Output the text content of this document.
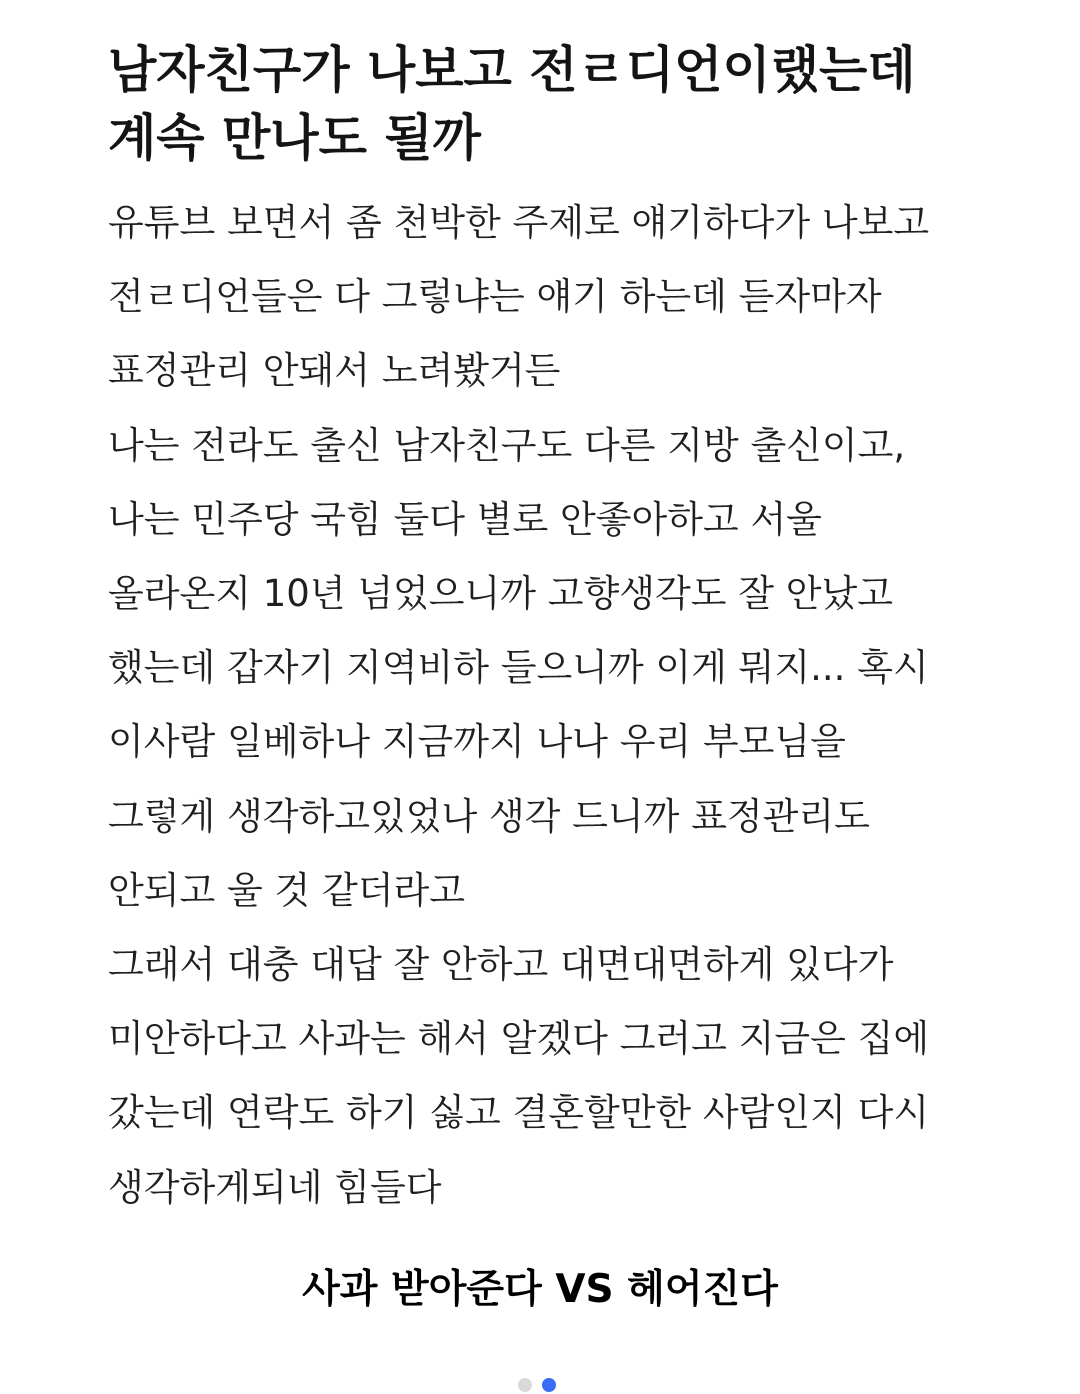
남자친구가 나보고 전ㄹ디언이랬는데
계속 만나도 될까
유튜브 보면서 좀 천박한 주제로 얘기하다가 나보고
전ㄹ디언들은 다 그렇냐는 얘기 하는데 듣자마자
표정관리 안돼서 노려봤거든
나는 전라도 출신 남자친구도 다른 지방 출신이고,
나는 민주당 국힘 둘다 별로 안좋아하고 서울
올라온지 10년 넘었으니까 고향생각도 잘 안났고
했는데 갑자기 지역비하 들으니까 이게 뭐지... 혹시
이사람 일베하나 지금까지 나나 우리 부모님을
그렇게 생각하고있었나 생각 드니까 표정관리도
안되고 울 것 같더라고
그래서 대충 대답 잘 안하고 대면대면하게 있다가
미안하다고 사과는 해서 알겠다 그러고 지금은 집에
갔는데 연락도 하기 싫고 결혼할만한 사람인지 다시
생각하게되네 힘들다
사과 받아준다 VS 헤어진다
